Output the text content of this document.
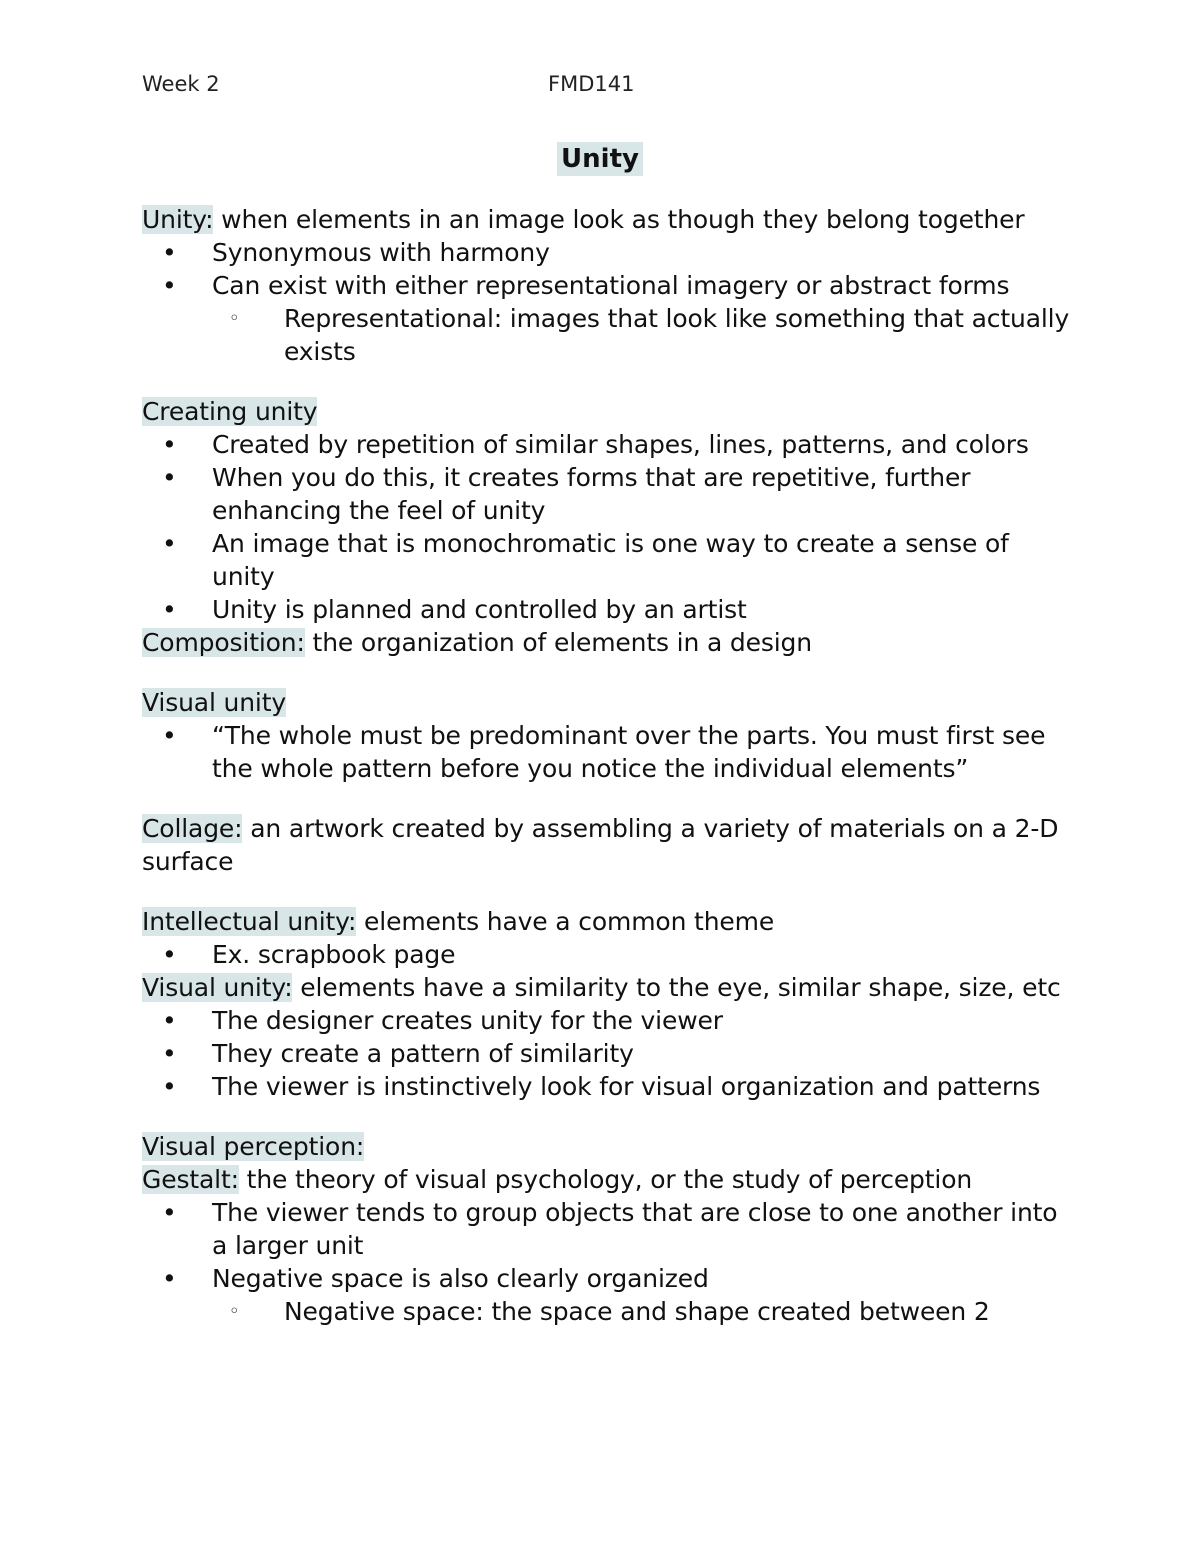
Week 2	FMD141
Unity

Unity: when elements in an image look as though they belong together

• Synonymous with harmony
• Can exist with either representational imagery or abstract forms
◦ Representational: images that look like something that actually exists

Creating unity

• Created by repetition of similar shapes, lines, patterns, and colors
• When you do this, it creates forms that are repetitive, further enhancing the feel of unity
• An image that is monochromatic is one way to create a sense of unity
• Unity is planned and controlled by an artist

Composition: the organization of elements in a design

Visual unity

• “The whole must be predominant over the parts. You must first see the whole pattern before you notice the individual elements”

Collage: an artwork created by assembling a variety of materials on a 2-D surface

Intellectual unity: elements have a common theme

• Ex. scrapbook page

Visual unity: elements have a similarity to the eye, similar shape, size, etc

• The designer creates unity for the viewer
• They create a pattern of similarity
• The viewer is instinctively look for visual organization and patterns

Visual perception:

Gestalt: the theory of visual psychology, or the study of perception

• The viewer tends to group objects that are close to one another into a larger unit
• Negative space is also clearly organized
◦ Negative space: the space and shape created between 2
